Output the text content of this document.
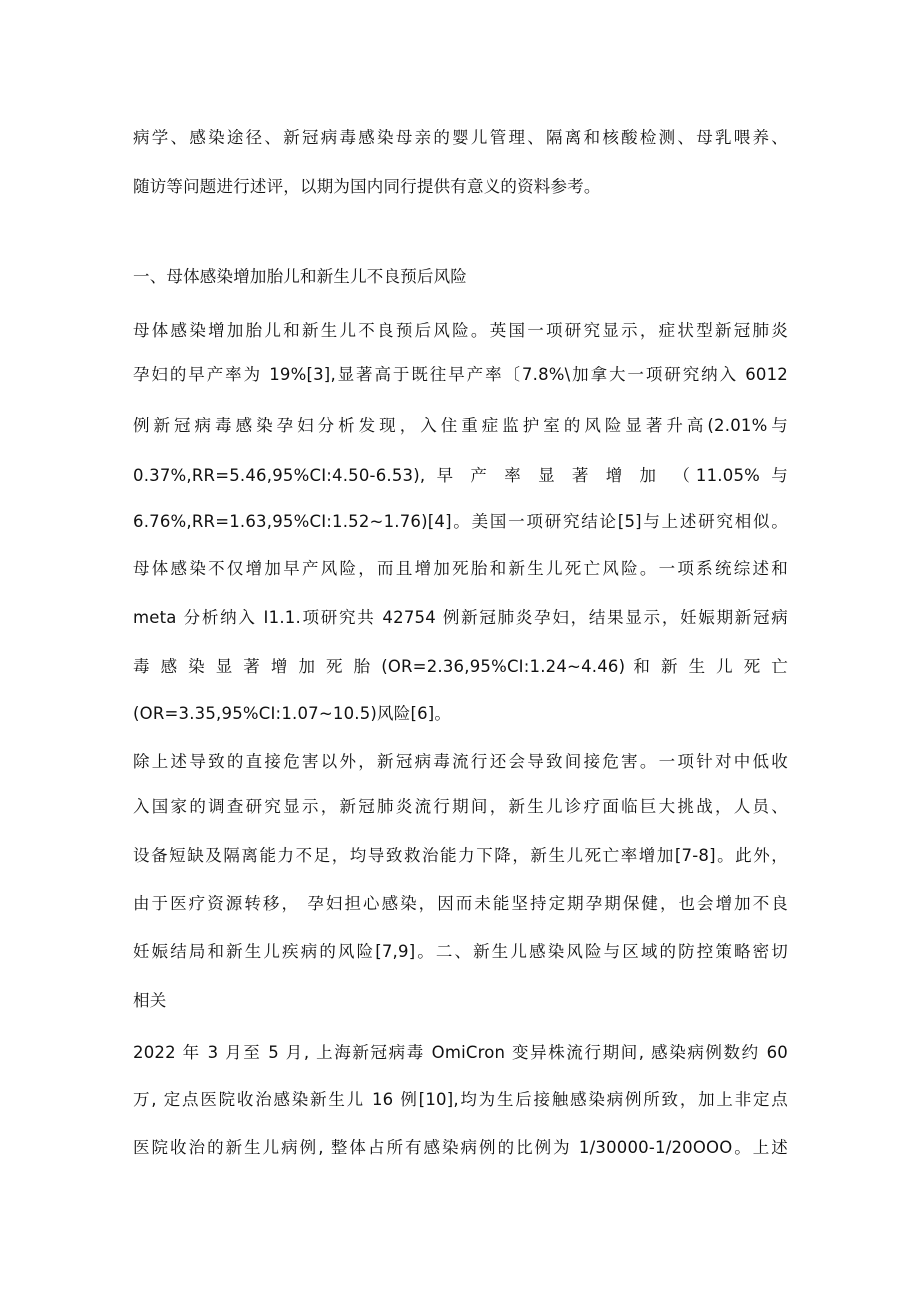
病学、感染途径、新冠病毒感染母亲的婴儿管理、隔离和核酸检测、母乳喂养、
随访等问题进行述评，以期为国内同行提供有意义的资料参考。
一、母体感染增加胎儿和新生儿不良预后风险
母体感染增加胎儿和新生儿不良预后风险。英国一项研究显示，症状型新冠肺炎
孕妇的早产率为 19%[3],显著高于既往早产率〔7.8%\加拿大一项研究纳入 6012
例新冠病毒感染孕妇分析发现，入住重症监护室的风险显著升高(2.01%与
0.37%,RR=5.46,95%CI:4.50-6.53), 早 产 率 显 著 增 加 （11.05% 与
6.76%,RR=1.63,95%CI:1.52~1.76)[4]。美国一项研究结论[5]与上述研究相似。
母体感染不仅增加早产风险，而且增加死胎和新生儿死亡风险。一项系统综述和
meta 分析纳入 I1.1.项研究共 42754 例新冠肺炎孕妇，结果显示，妊娠期新冠病
毒 感 染 显 著 增 加 死 胎 (OR=2.36,95%CI:1.24~4.46) 和 新 生 儿 死 亡
(OR=3.35,95%CI:1.07~10.5)风险[6]。
除上述导致的直接危害以外，新冠病毒流行还会导致间接危害。一项针对中低收
入国家的调查研究显示，新冠肺炎流行期间，新生儿诊疗面临巨大挑战，人员、
设备短缺及隔离能力不足，均导致救治能力下降，新生儿死亡率增加[7-8]。此外，
由于医疗资源转移， 孕妇担心感染，因而未能坚持定期孕期保健，也会增加不良
妊娠结局和新生儿疾病的风险[7,9]。二、新生儿感染风险与区域的防控策略密切
相关
2022 年 3 月至 5 月, 上海新冠病毒 OmiCron 变异株流行期间, 感染病例数约 60
万, 定点医院收治感染新生儿 16 例[10],均为生后接触感染病例所致，加上非定点
医院收治的新生儿病例, 整体占所有感染病例的比例为 1/30000-1/20OOO。上述
